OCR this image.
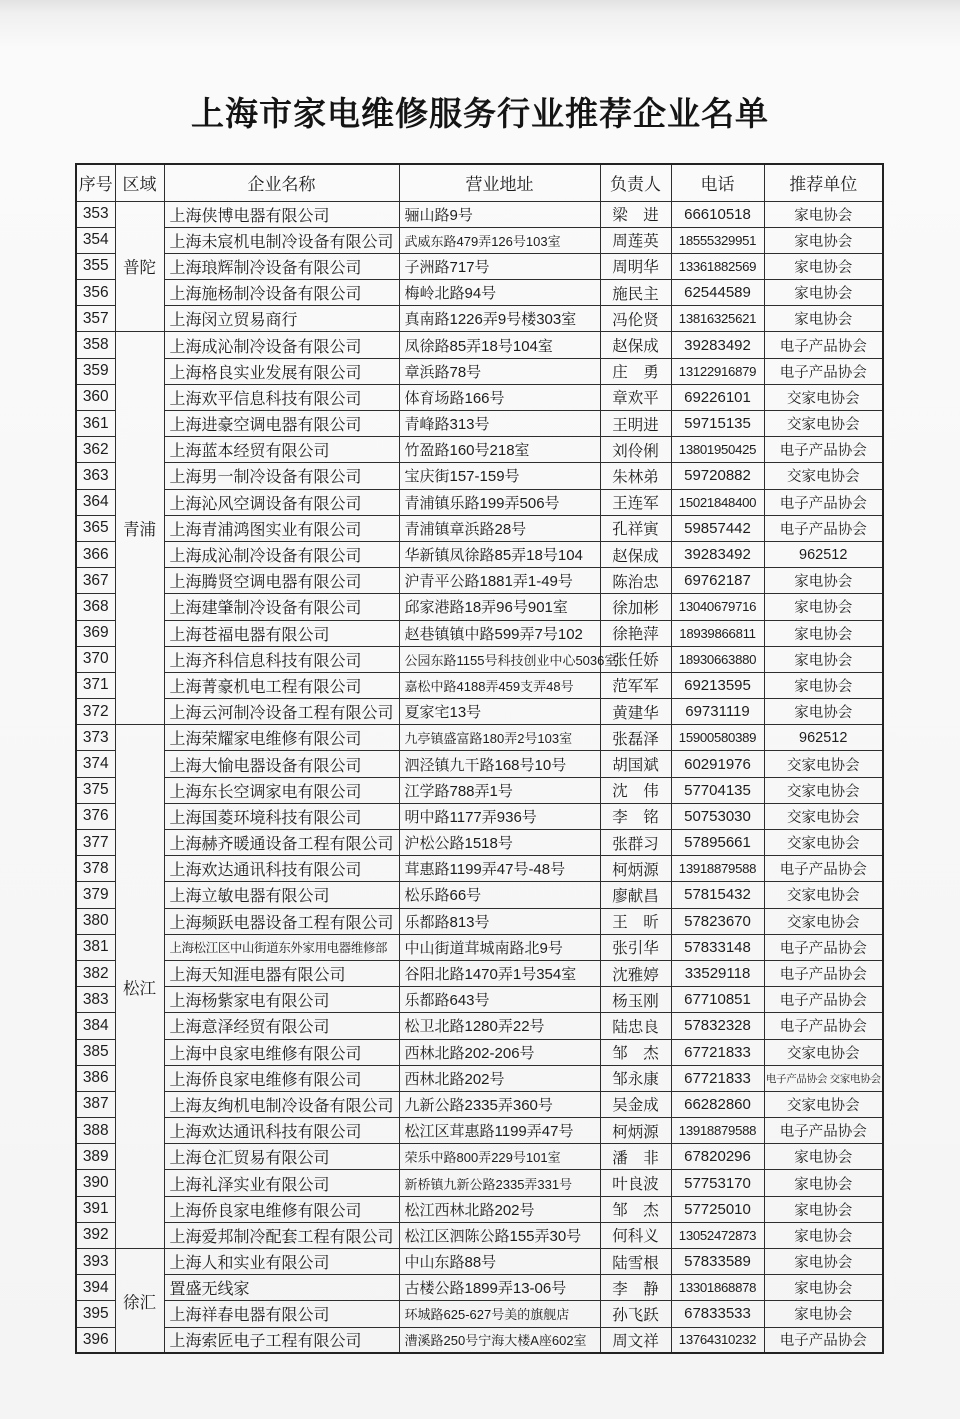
上海市家电维修服务行业推荐企业名单
序号	区域	企业名称	营业地址	负责人	电话	推荐单位
353	普陀	上海侠博电器有限公司	骊山路9号	梁　进	66610518	家电协会
354		上海未宸机电制冷设备有限公司	武威东路479弄126号103室	周莲英	18555329951	家电协会
355		上海琅辉制冷设备有限公司	子洲路717号	周明华	13361882569	家电协会
356		上海施杨制冷设备有限公司	梅岭北路94号	施民主	62544589	家电协会
357		上海闵立贸易商行	真南路1226弄9号楼303室	冯伦贤	13816325621	家电协会
358	青浦	上海成沁制冷设备有限公司	凤徐路85弄18号104室	赵保成	39283492	电子产品协会
359		上海格良实业发展有限公司	章浜路78号	庄　勇	13122916879	电子产品协会
360		上海欢平信息科技有限公司	体育场路166号	章欢平	69226101	交家电协会
361		上海进豪空调电器有限公司	青峰路313号	王明进	59715135	交家电协会
362		上海蓝本经贸有限公司	竹盈路160号218室	刘伶俐	13801950425	电子产品协会
363		上海男一制冷设备有限公司	宝庆街157-159号	朱林弟	59720882	交家电协会
364		上海沁风空调设备有限公司	青浦镇乐路199弄506号	王连军	15021848400	电子产品协会
365		上海青浦鸿图实业有限公司	青浦镇章浜路28号	孔祥寅	59857442	电子产品协会
366		上海成沁制冷设备有限公司	华新镇凤徐路85弄18号104	赵保成	39283492	962512
367		上海腾贤空调电器有限公司	沪青平公路1881弄1-49号	陈治忠	69762187	家电协会
368		上海建肇制冷设备有限公司	邱家港路18弄96号901室	徐加彬	13040679716	家电协会
369		上海苍福电器有限公司	赵巷镇镇中路599弄7号102	徐艳萍	18939866811	家电协会
370		上海齐科信息科技有限公司	公园东路1155号科技创业中心5036室	张任娇	18930663880	家电协会
371		上海菁豪机电工程有限公司	嘉松中路4188弄459支弄48号	范军军	69213595	家电协会
372		上海云河制冷设备工程有限公司	夏家宅13号	黄建华	69731119	家电协会
373	松江	上海荣耀家电维修有限公司	九亭镇盛富路180弄2号103室	张磊泽	15900580389	962512
374		上海大愉电器设备有限公司	泗泾镇九干路168号10号	胡国斌	60291976	交家电协会
375		上海东长空调家电有限公司	江学路788弄1号	沈　伟	57704135	交家电协会
376		上海国菱环境科技有限公司	明中路1177弄936号	李　铭	50753030	交家电协会
377		上海赫齐暖通设备工程有限公司	沪松公路1518号	张群习	57895661	交家电协会
378		上海欢达通讯科技有限公司	茸惠路1199弄47号-48号	柯炳源	13918879588	电子产品协会
379		上海立敏电器有限公司	松乐路66号	廖献昌	57815432	交家电协会
380		上海频跃电器设备工程有限公司	乐都路813号	王　昕	57823670	交家电协会
381		上海松江区中山街道东外家用电器维修部	中山街道茸城南路北9号	张引华	57833148	电子产品协会
382		上海天知涯电器有限公司	谷阳北路1470弄1号354室	沈雅婷	33529118	电子产品协会
383		上海杨紫家电有限公司	乐都路643号	杨玉刚	67710851	电子产品协会
384		上海意泽经贸有限公司	松卫北路1280弄22号	陆忠良	57832328	电子产品协会
385		上海中良家电维修有限公司	西林北路202-206号	邹　杰	67721833	交家电协会
386		上海侨良家电维修有限公司	西林北路202号	邹永康	67721833	电子产品协会 交家电协会
387		上海友绚机电制冷设备有限公司	九新公路2335弄360号	吴金成	66282860	交家电协会
388		上海欢达通讯科技有限公司	松江区茸惠路1199弄47号	柯炳源	13918879588	电子产品协会
389		上海仓汇贸易有限公司	荣乐中路800弄229号101室	潘　非	67820296	家电协会
390		上海礼泽实业有限公司	新桥镇九新公路2335弄331号	叶良波	57753170	家电协会
391		上海侨良家电维修有限公司	松江西林北路202号	邹　杰	57725010	家电协会
392		上海爱邦制冷配套工程有限公司	松江区泗陈公路155弄30号	何科义	13052472873	家电协会
393	徐汇	上海人和实业有限公司	中山东路88号	陆雪根	57833589	家电协会
394		置盛无线家	古楼公路1899弄13-06号	李　静	13301868878	家电协会
395		上海祥春电器有限公司	环城路625-627号美的旗舰店	孙飞跃	67833533	家电协会
396		上海索匠电子工程有限公司	漕溪路250号宁海大楼A座602室	周文祥	13764310232	电子产品协会
